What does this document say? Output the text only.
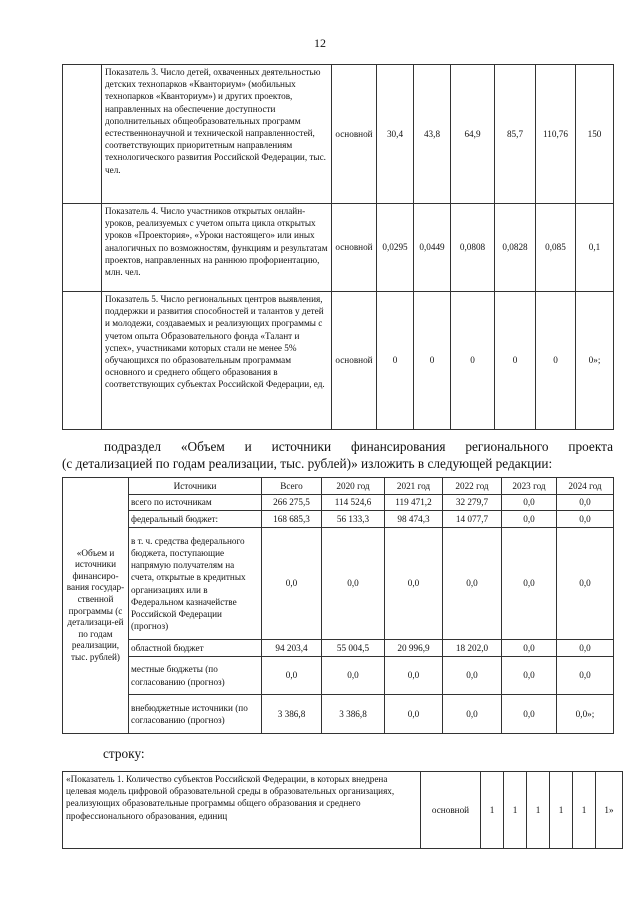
12
	Показатель 3. Число детей, охваченных деятельностью детских технопарков «Кванториум» (мобильных технопарков «Кванториум») и других проектов, направленных на обеспечение доступности дополнительных общеобразовательных программ естественнонаучной и технической направленностей, соответствующих приоритетным направлениям технологического развития Российской Федерации, тыс. чел.	основной	30,4	43,8	64,9	85,7	110,76	150
	Показатель 4. Число участников открытых онлайн-уроков, реализуемых с учетом опыта цикла открытых уроков «Проектория», «Уроки настоящего» или иных аналогичных по возможностям, функциям и результатам проектов, направленных на раннюю профориентацию, млн. чел.	основной	0,0295	0,0449	0,0808	0,0828	0,085	0,1
	Показатель 5. Число региональных центров выявления, поддержки и развития способностей и талантов у детей и молодежи, создаваемых и реализующих программы с учетом опыта Образовательного фонда «Талант и успех», участниками которых стали не менее 5% обучающихся по образовательным программам основного и среднего общего образования в соответствующих субъектах Российской Федерации, ед.	основной	0	0	0	0	0	0»;
подраздел «Объем и источники финансирования регионального проекта
(с детализацией по годам реализации, тыс. рублей)» изложить в следующей редакции:
«Объем и источники финансиро-вания государ-ственной программы (с детализаци-ей по годам реализации, тыс. рублей)	Источники	Всего	2020 год	2021 год	2022 год	2023 год	2024 год
	всего по источникам	266 275,5	114 524,6	119 471,2	32 279,7	0,0	0,0
	федеральный бюджет:	168 685,3	56 133,3	98 474,3	14 077,7	0,0	0,0
	в т. ч. средства федерального бюджета, поступающие напрямую получателям на счета, открытые в кредитных организациях или в Федеральном казначействе Российской Федерации (прогноз)	0,0	0,0	0,0	0,0	0,0	0,0
	областной бюджет	94 203,4	55 004,5	20 996,9	18 202,0	0,0	0,0
	местные бюджеты (по согласованию (прогноз)	0,0	0,0	0,0	0,0	0,0	0,0
	внебюджетные источники (по согласованию (прогноз)	3 386,8	3 386,8	0,0	0,0	0,0	0,0»;
строку:
«Показатель 1. Количество субъектов Российской Федерации, в которых внедрена целевая модель цифровой образовательной среды в образовательных организациях, реализующих образовательные программы общего образования и среднего профессионального образования, единиц	основной	1	1	1	1	1	1»
